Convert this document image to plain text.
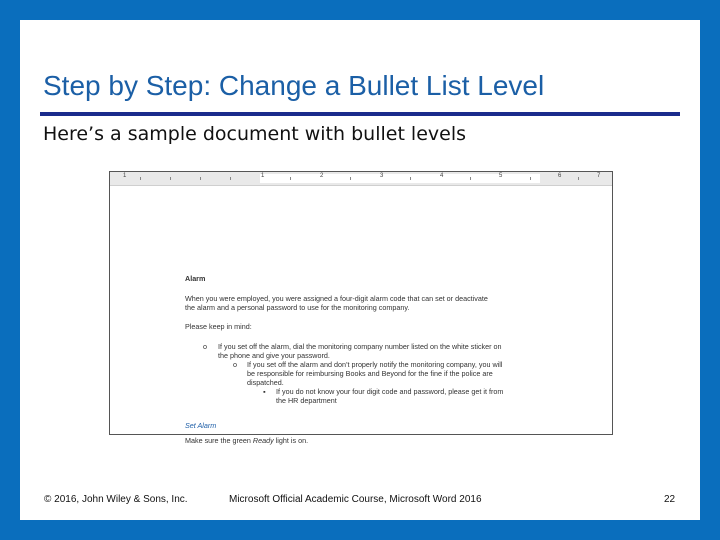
Step by Step: Change a Bullet List Level
Here’s a sample document with bullet levels
1	1	2	3	4	5	6	7
Alarm
When you were employed, you were assigned a four-digit alarm code that can set or deactivate
the alarm and a personal password to use for the monitoring company.
Please keep in mind:
o If you set off the alarm, dial the monitoring company number listed on the white sticker on
the phone and give your password.
o If you set off the alarm and don’t properly notify the monitoring company, you will
be responsible for reimbursing Books and Beyond for the fine if the police are
dispatched.
▪ If you do not know your four digit code and password, please get it from
the HR department
Set Alarm
Make sure the green Ready light is on.
© 2016, John Wiley & Sons, Inc.	Microsoft Official Academic Course, Microsoft Word 2016	22
